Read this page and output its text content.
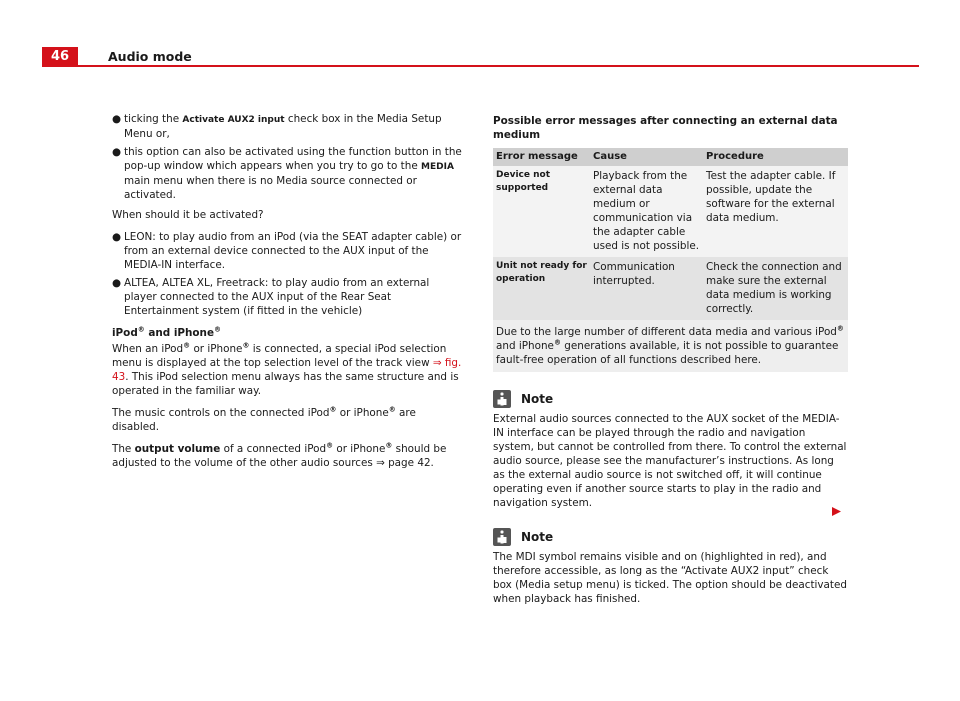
46	Audio mode
● ticking the Activate AUX2 input check box in the Media Setup Menu or,
● this option can also be activated using the function button in the pop-up window which appears when you try to go to the MEDIA main menu when there is no Media source connected or activated.

When should it be activated?

● LEON: to play audio from an iPod (via the SEAT adapter cable) or from an external device connected to the AUX input of the MEDIA-IN interface.
● ALTEA, ALTEA XL, Freetrack: to play audio from an external player connected to the AUX input of the Rear Seat Entertainment system (if fitted in the vehicle)
iPod® and iPhone®

When an iPod® or iPhone® is connected, a special iPod selection menu is displayed at the top selection level of the track view ⇒ fig. 43. This iPod selection menu always has the same structure and is operated in the familiar way.

The music controls on the connected iPod® or iPhone® are disabled.

The output volume of a connected iPod® or iPhone® should be adjusted to the volume of the other audio sources ⇒ page 42.

Possible error messages after connecting an external data medium
Error message	Cause	Procedure
Device not supported	Playback from the external data medium or communication via the adapter cable used is not possible.	Test the adapter cable. If possible, update the software for the external data medium.
Unit not ready for operation	Communication interrupted.	Check the connection and make sure the external data medium is working correctly.
Due to the large number of different data media and various iPod® and iPhone® generations available, it is not possible to guarantee fault-free operation of all functions described here.		
Note
External audio sources connected to the AUX socket of the MEDIA-IN interface can be played through the radio and navigation system, but cannot be controlled from there. To control the external audio source, please see the manufacturer’s instructions. As long as the external audio source is not switched off, it will continue operating even if another source starts to play in the radio and navigation system.
Note
The MDI symbol remains visible and on (highlighted in red), and therefore accessible, as long as the “Activate AUX2 input” check box (Media setup menu) is ticked. The option should be deactivated when playback has finished.
